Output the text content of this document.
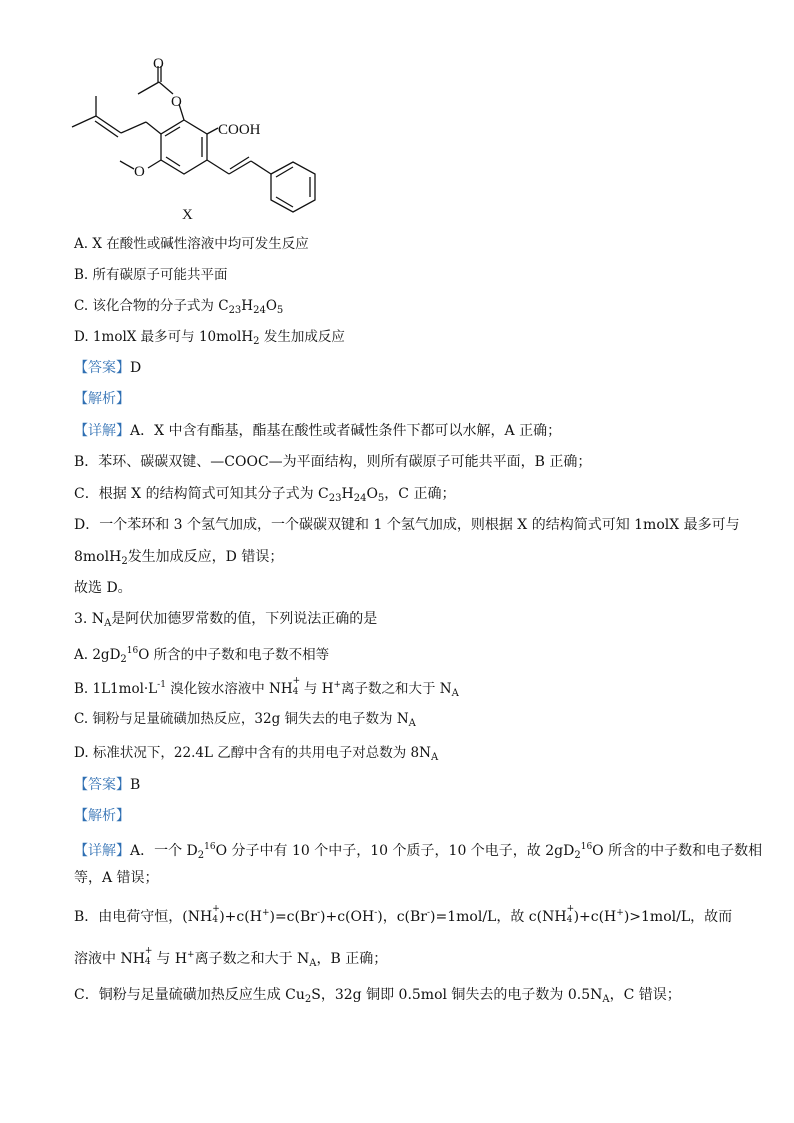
O
O
O
COOH
X
A. X 在酸性或碱性溶液中均可发生反应
B. 所有碳原子可能共平面
C. 该化合物的分子式为 $C_{23}H_{24}O_5$
D. 1molX 最多可与 10molH$_2$ 发生加成反应
【答案】D
【解析】
【详解】A．X 中含有酯基，酯基在酸性或者碱性条件下都可以水解，A 正确；
B．苯环、碳碳双键、—COOC—为平面结构，则所有碳原子可能共平面，B 正确；
C．根据 X 的结构简式可知其分子式为 $C_{23}H_{24}O_5$，C 正确；
D．一个苯环和 3 个氢气加成，一个碳碳双键和 1 个氢气加成，则根据 X 的结构简式可知 1molX 最多可与
8molH$_2$发生加成反应，D 错误；
故选 D。
3. $N_A$是阿伏加德罗常数的值，下列说法正确的是
A. $2gD_2^{16}O$ 所含的中子数和电子数不相等
B. $1L1mol\cdot L^{-1}$ 溴化铵水溶液中 NH +
4 与 H+离子数之和大于 $N_A$
C. 铜粉与足量硫磺加热反应，32g 铜失去的电子数为 $N_A$
D. 标准状况下，22.4L 乙醇中含有的共用电子对总数为 $8N_A$
【答案】B
【解析】
【详解】A．一个 $D_2^{16}O$ 分子中有 10 个中子，10 个质子，10 个电子，故 $2gD_2^{16}O$ 所含的中子数和电子数相
等，A 错误；
B．由电荷守恒，(NH +
4 )+c(H+)=c(Br-)+c(OH-)，c(Br-)=1mol/L，故 c(NH +
4 )+c(H+)>1mol/L，故而
溶液中 NH +
4 与 H+离子数之和大于 $N_A$，B 正确；
C．铜粉与足量硫磺加热反应生成 $Cu_2S$，32g 铜即 0.5mol 铜失去的电子数为 $0.5N_A$，C 错误；
